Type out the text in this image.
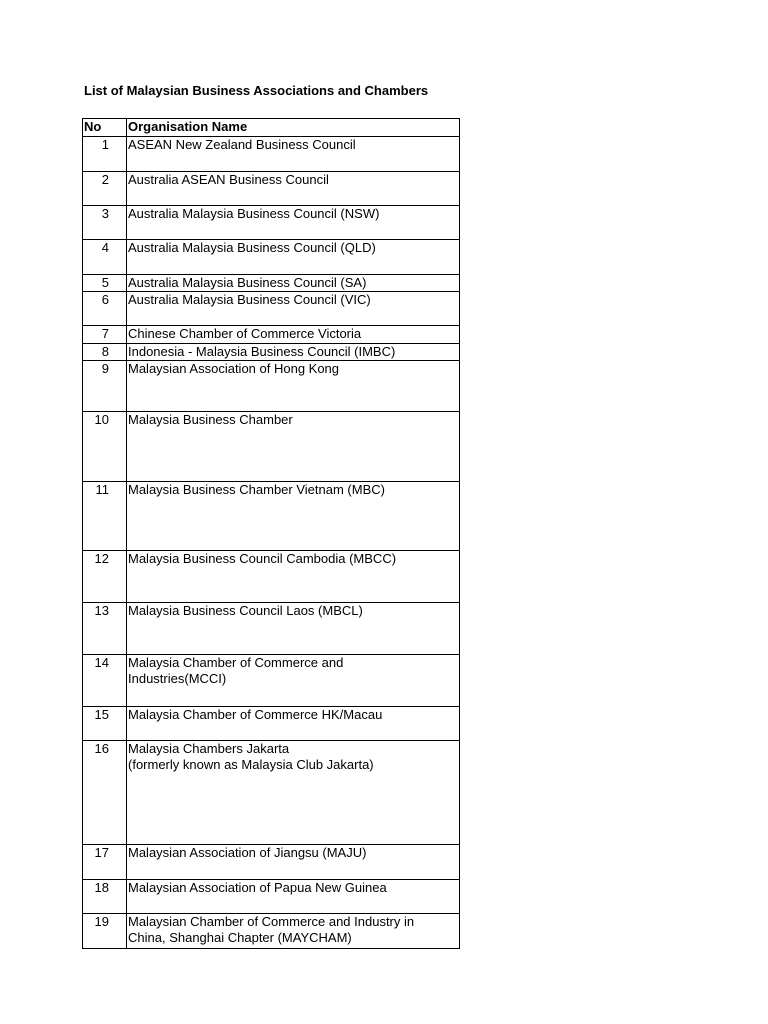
List of Malaysian Business Associations and Chambers
No	Organisation Name
1	ASEAN New Zealand Business Council

2	Australia ASEAN Business Council

3	Australia Malaysia Business Council (NSW)

4	Australia Malaysia Business Council (QLD)

5	Australia Malaysia Business Council (SA)

6	Australia Malaysia Business Council (VIC)

7	Chinese Chamber of Commerce Victoria

8	Indonesia - Malaysia Business Council (IMBC)

9	Malaysian Association of Hong Kong

10	Malaysia Business Chamber

11	Malaysia Business Chamber Vietnam (MBC)

12	Malaysia Business Council Cambodia (MBCC)

13	Malaysia Business Council Laos (MBCL)

14	Malaysia Chamber of Commerce and
Industries(MCCI)

15	Malaysia Chamber of Commerce HK/Macau

16	Malaysia Chambers Jakarta
(formerly known as Malaysia Club Jakarta)

17	Malaysian Association of Jiangsu (MAJU)

18	Malaysian Association of Papua New Guinea

19	Malaysian Chamber of Commerce and Industry in
China, Shanghai Chapter (MAYCHAM)
